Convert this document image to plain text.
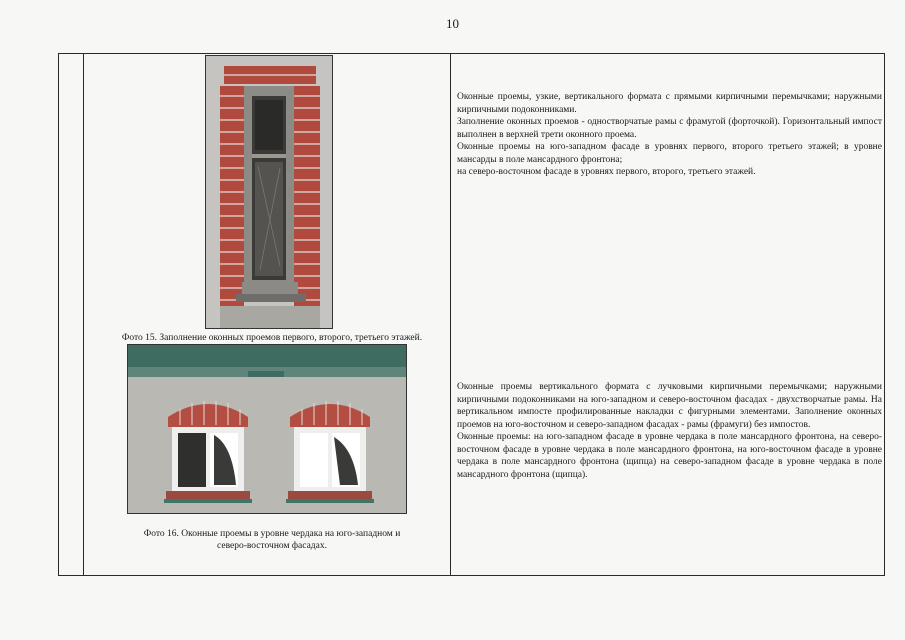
10
Фото 15. Заполнение оконных проемов первого, второго, третьего этажей.
Фото 16. Оконные проемы в уровне чердака на юго-западном и
северо-восточном фасадах.

Оконные проемы, узкие, вертикального формата с прямыми кирпичными перемычками; наружными кирпичными подоконниками.

Заполнение оконных проемов - одностворчатые рамы с фрамугой (форточкой). Горизонтальный импост выполнен в верхней трети оконного проема.

Оконные проемы на юго-западном фасаде в уровнях первого, второго третьего этажей; в уровне мансарды в поле мансардного фронтона;

на северо-восточном фасаде в уровнях первого, второго, третьего этажей.

Оконные проемы вертикального формата с лучковыми кирпичными перемычками; наружными кирпичными подоконниками на юго-западном и северо-восточном фасадах - двухстворчатые рамы. На вертикальном импосте профилированные накладки с фигурными элементами. Заполнение оконных проемов на юго-восточном и северо-западном фасадах - рамы (фрамуги) без импостов.

Оконные проемы: на юго-западном фасаде в уровне чердака в поле мансардного фронтона, на северо-восточном фасаде в уровне чердака в поле мансардного фронтона, на юго-восточном фасаде в уровне чердака в поле мансардного фронтона (щипца) на северо-западном фасаде в уровне чердака в поле мансардного фронтона (щипца).
